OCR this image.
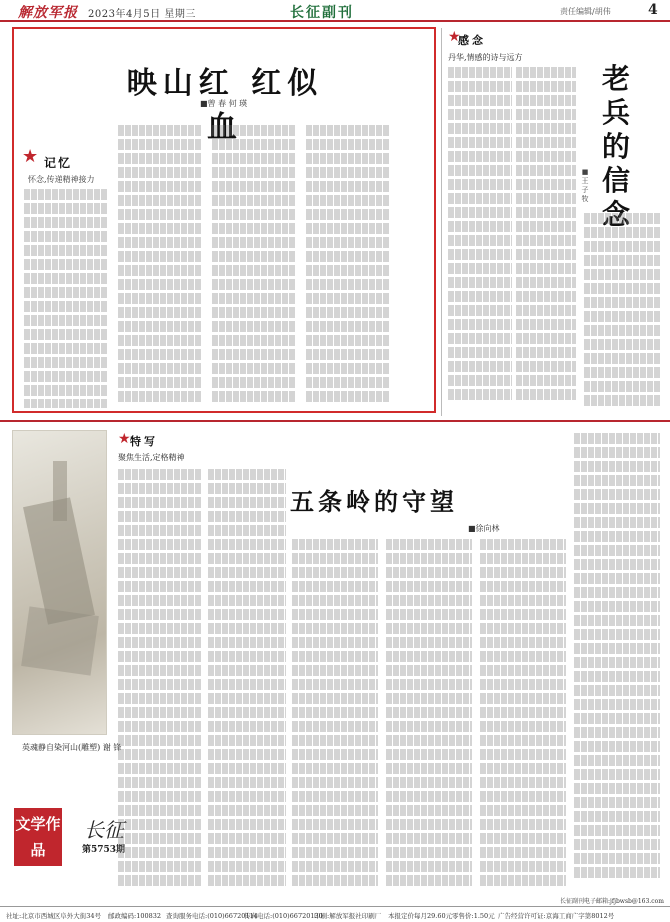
解放军报 2023年4月5日 星期三	长征副刊	责任编辑/胡伟	4
映山红 红似血
■曾 春 何 瑛
★ 记忆
怀念,传递精神接力
★
感念
丹华,情感的诗与远方
老兵的信念
■王子牧
英魂静自染河山(雕塑) 谢 锋
文学作品
长征
第5753期
★ 特写
聚焦生活,定格精神
五条岭的守望
■徐向林
社址:北京市西城区阜外大街34号 邮政编码:100832 查询服务电话:(010)66720114
传真电话:(010)66720130
印刷:解放军报社印刷厂 本报定价每月29.60元 零售价:1.50元 广告经营许可证:京海工商广字第8012号
长征副刊电子邮箱:jfjbwsb@163.com
